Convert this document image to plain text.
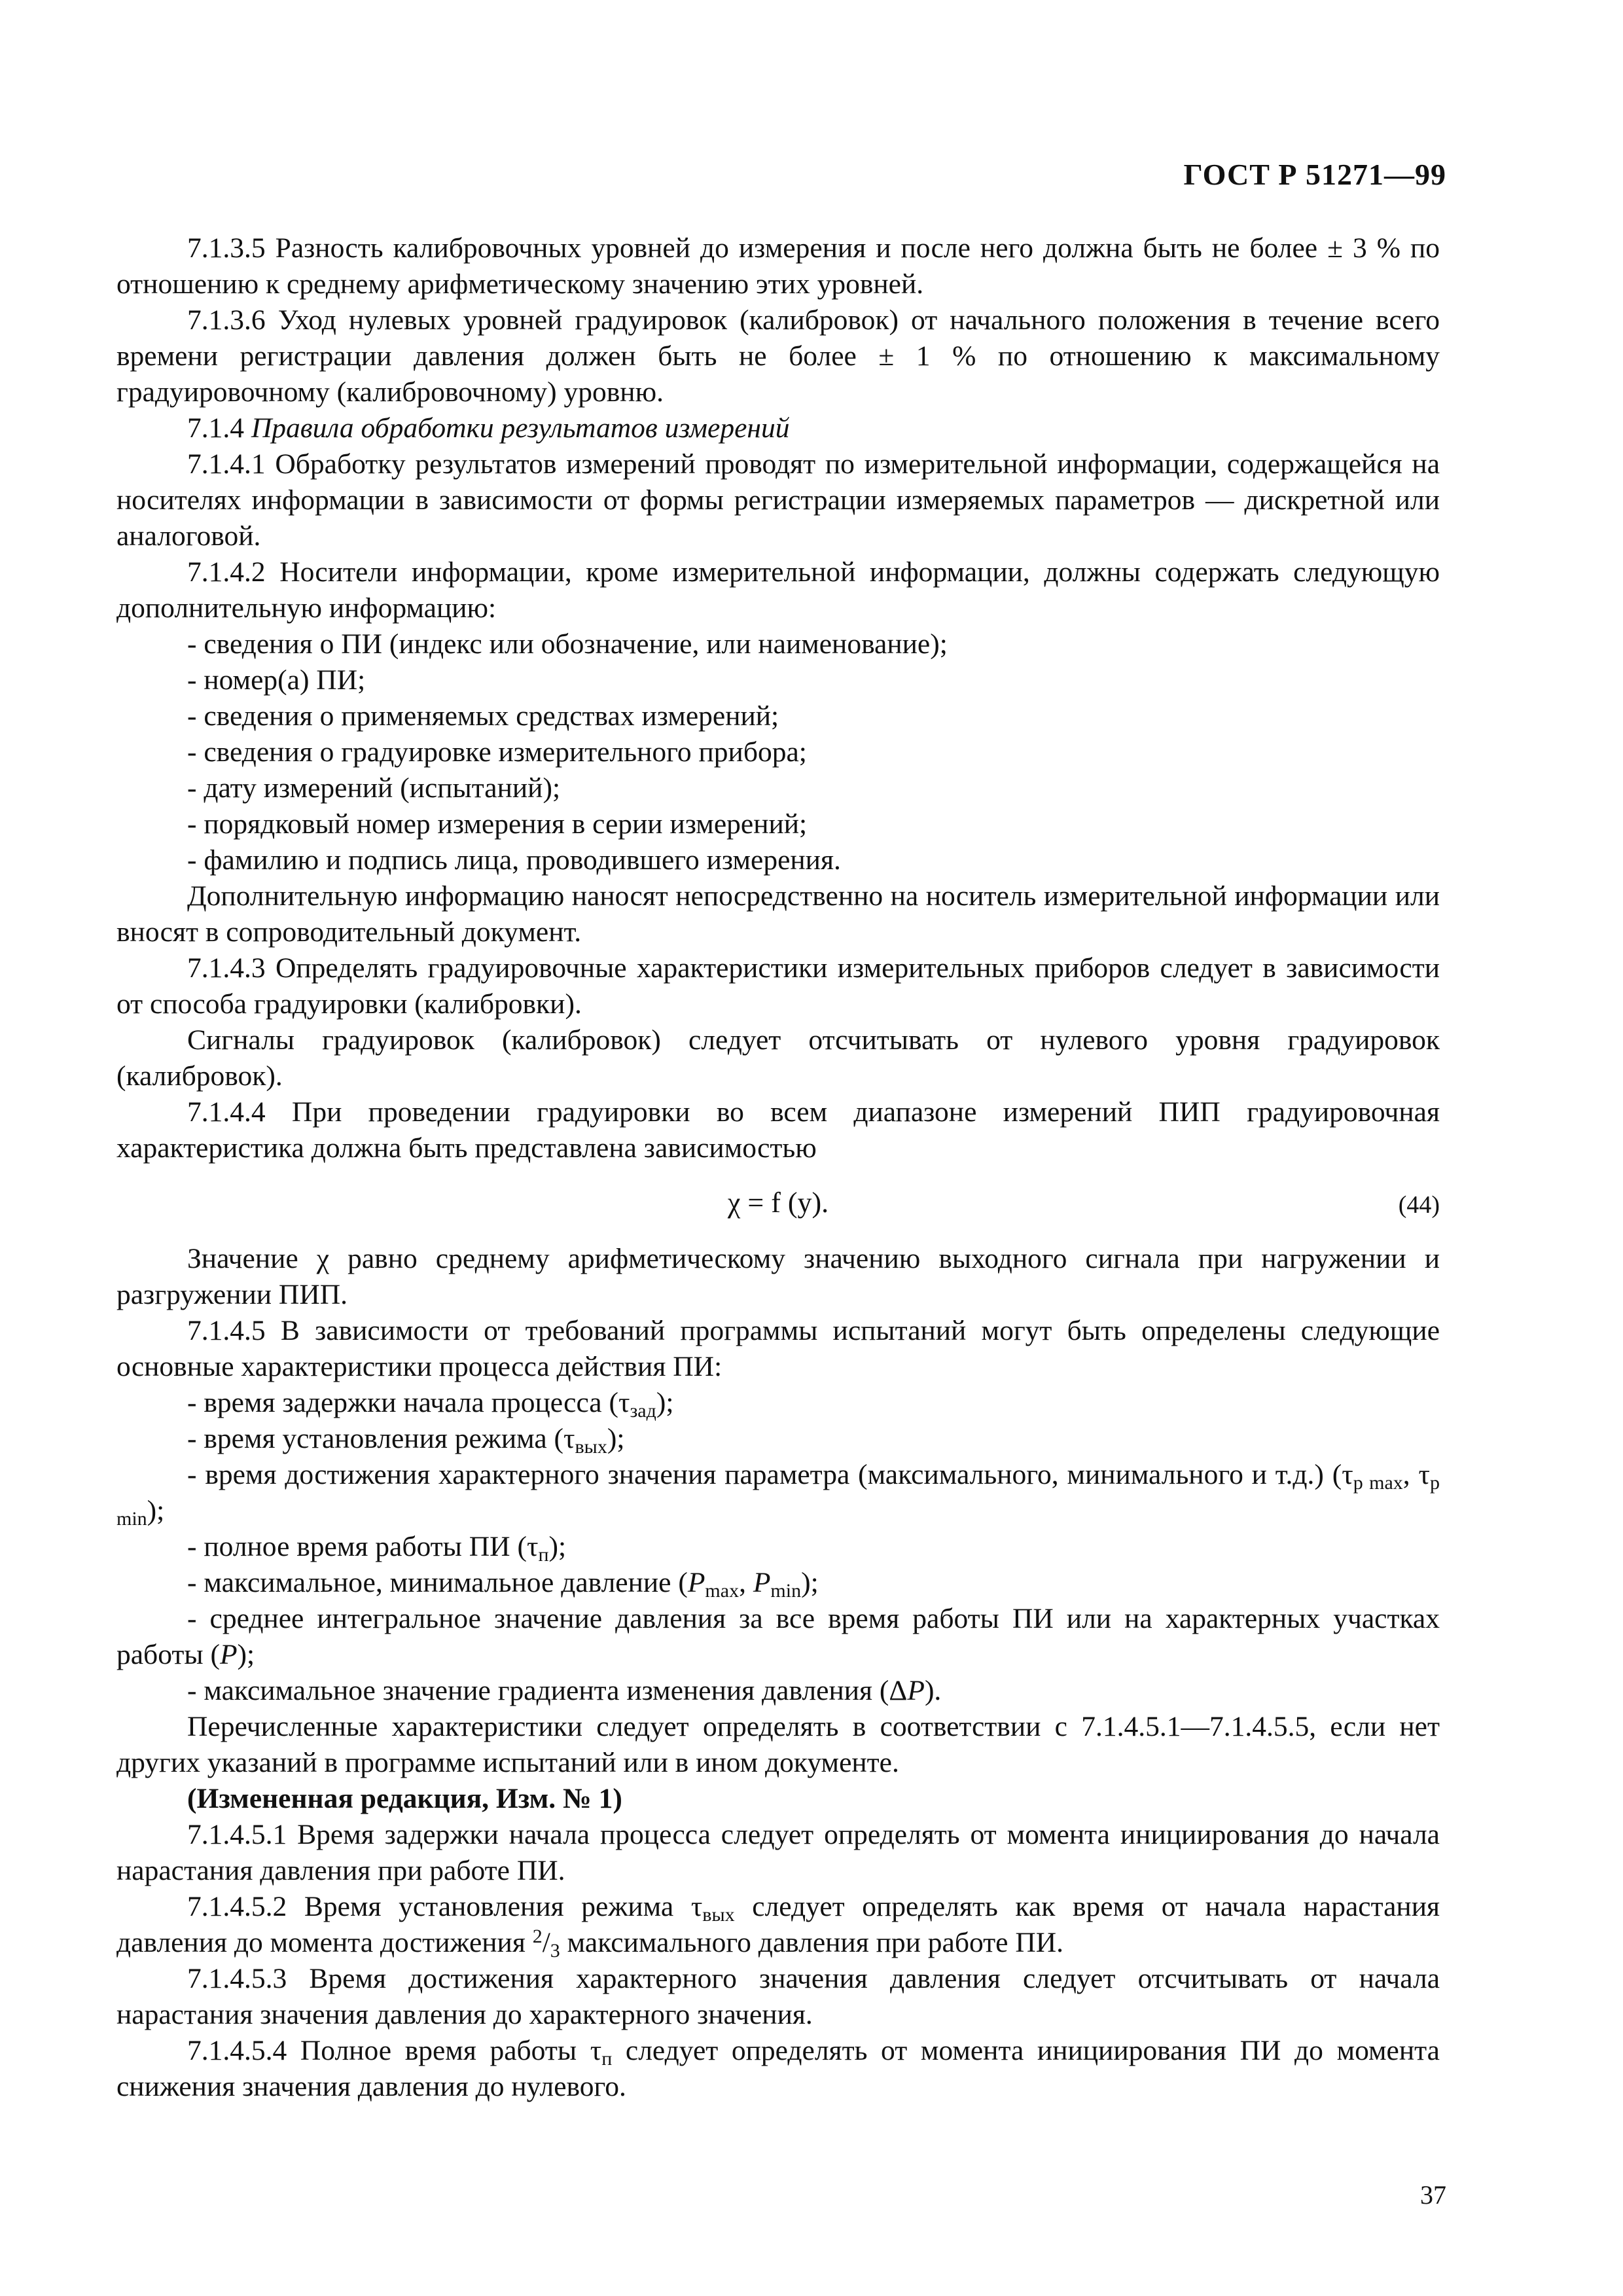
ГОСТ Р 51271—99

7.1.3.5 Разность калибровочных уровней до измерения и после него должна быть не более ± 3 % по отношению к среднему арифметическому значению этих уровней.

7.1.3.6 Уход нулевых уровней градуировок (калибровок) от начального положения в течение всего времени регистрации давления должен быть не более ± 1 % по отношению к максимальному градуировочному (калибровочному) уровню.

7.1.4 Правила обработки результатов измерений

7.1.4.1 Обработку результатов измерений проводят по измерительной информации, содержащейся на носителях информации в зависимости от формы регистрации измеряемых параметров — дискретной или аналоговой.

7.1.4.2 Носители информации, кроме измерительной информации, должны содержать следующую дополнительную информацию:

- сведения о ПИ (индекс или обозначение, или наименование);

- номер(а) ПИ;

- сведения о применяемых средствах измерений;

- сведения о градуировке измерительного прибора;

- дату измерений (испытаний);

- порядковый номер измерения в серии измерений;

- фамилию и подпись лица, проводившего измерения.

Дополнительную информацию наносят непосредственно на носитель измерительной информации или вносят в сопроводительный документ.

7.1.4.3 Определять градуировочные характеристики измерительных приборов следует в зависимости от способа градуировки (калибровки).

Сигналы градуировок (калибровок) следует отсчитывать от нулевого уровня градуировок (калибровок).

7.1.4.4 При проведении градуировки во всем диапазоне измерений ПИП градуировочная характеристика должна быть представлена зависимостью

χ = f (y).	(44)

Значение χ равно среднему арифметическому значению выходного сигнала при нагружении и разгружении ПИП.

7.1.4.5 В зависимости от требований программы испытаний могут быть определены следующие основные характеристики процесса действия ПИ:

- время задержки начала процесса $(\tau_{зад})$;

- время установления режима $(\tau_{вых})$;

- время достижения характерного значения параметра (максимального, минимального и т.д.) ($\tau_{p max}$, $\tau_{p min}$);

- полное время работы ПИ $(\tau_п)$;

- максимальное, минимальное давление ($P_{max}$, $P_{min}$);

- среднее интегральное значение давления за все время работы ПИ или на характерных участках работы (P);

- максимальное значение градиента изменения давления (ΔP).

Перечисленные характеристики следует определять в соответствии с 7.1.4.5.1—7.1.4.5.5, если нет других указаний в программе испытаний или в ином документе.

(Измененная редакция, Изм. № 1)

7.1.4.5.1 Время задержки начала процесса следует определять от момента инициирования до начала нарастания давления при работе ПИ.

7.1.4.5.2 Время установления режима $\tau_{вых}$ следует определять как время от начала нарастания давления до момента достижения $^2/_3$ максимального давления при работе ПИ.

7.1.4.5.3 Время достижения характерного значения давления следует отсчитывать от начала нарастания значения давления до характерного значения.

7.1.4.5.4 Полное время работы $\tau_п$ следует определять от момента инициирования ПИ до момента снижения значения давления до нулевого.

37
